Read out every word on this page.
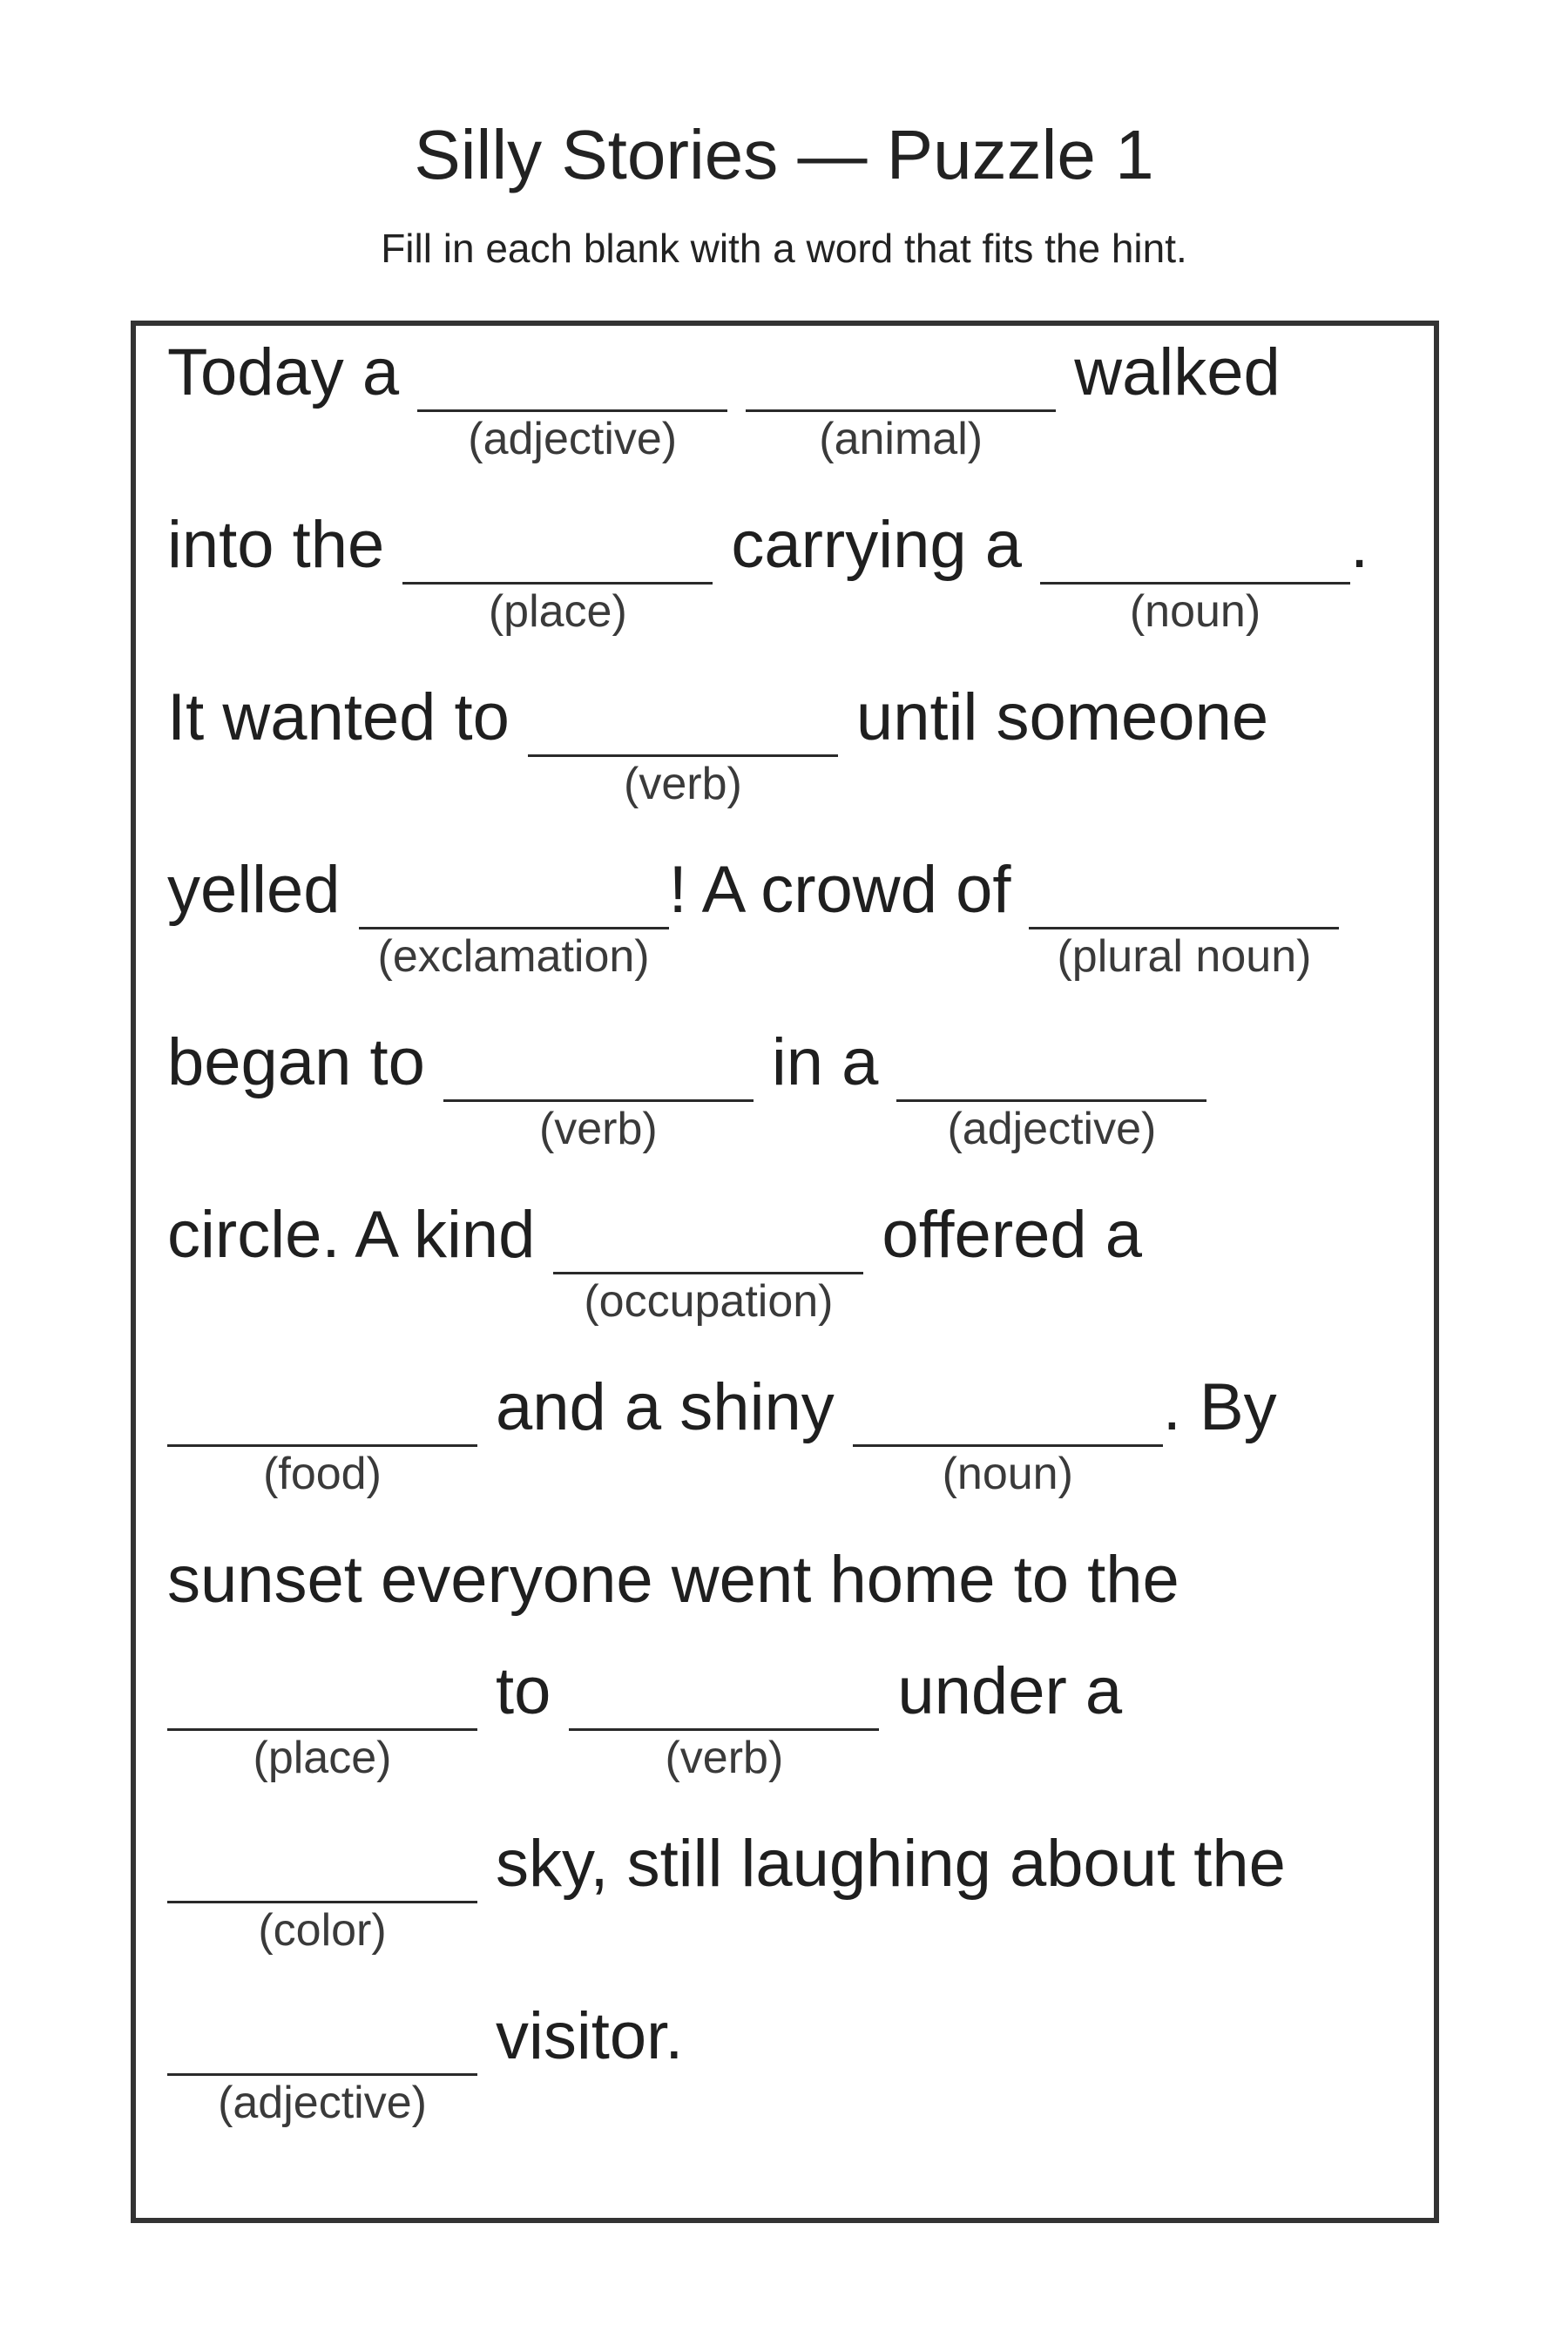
Silly Stories — Puzzle 1

Fill in each blank with a word that fits the hint.

Today a
(adjective)	(animal)
walked
into the
(place)
carrying a
(noun)
.
It wanted to
(verb)
until someone
yelled
(exclamation)
! A crowd of
(plural noun)
began to
(verb)
in a
(adjective)
circle. A kind
(occupation)
offered a
(food)
and a shiny
(noun)
. By
sunset everyone went home to the
(place)
to
(verb)
under a
(color)
sky, still laughing about the
(adjective)
visitor.
